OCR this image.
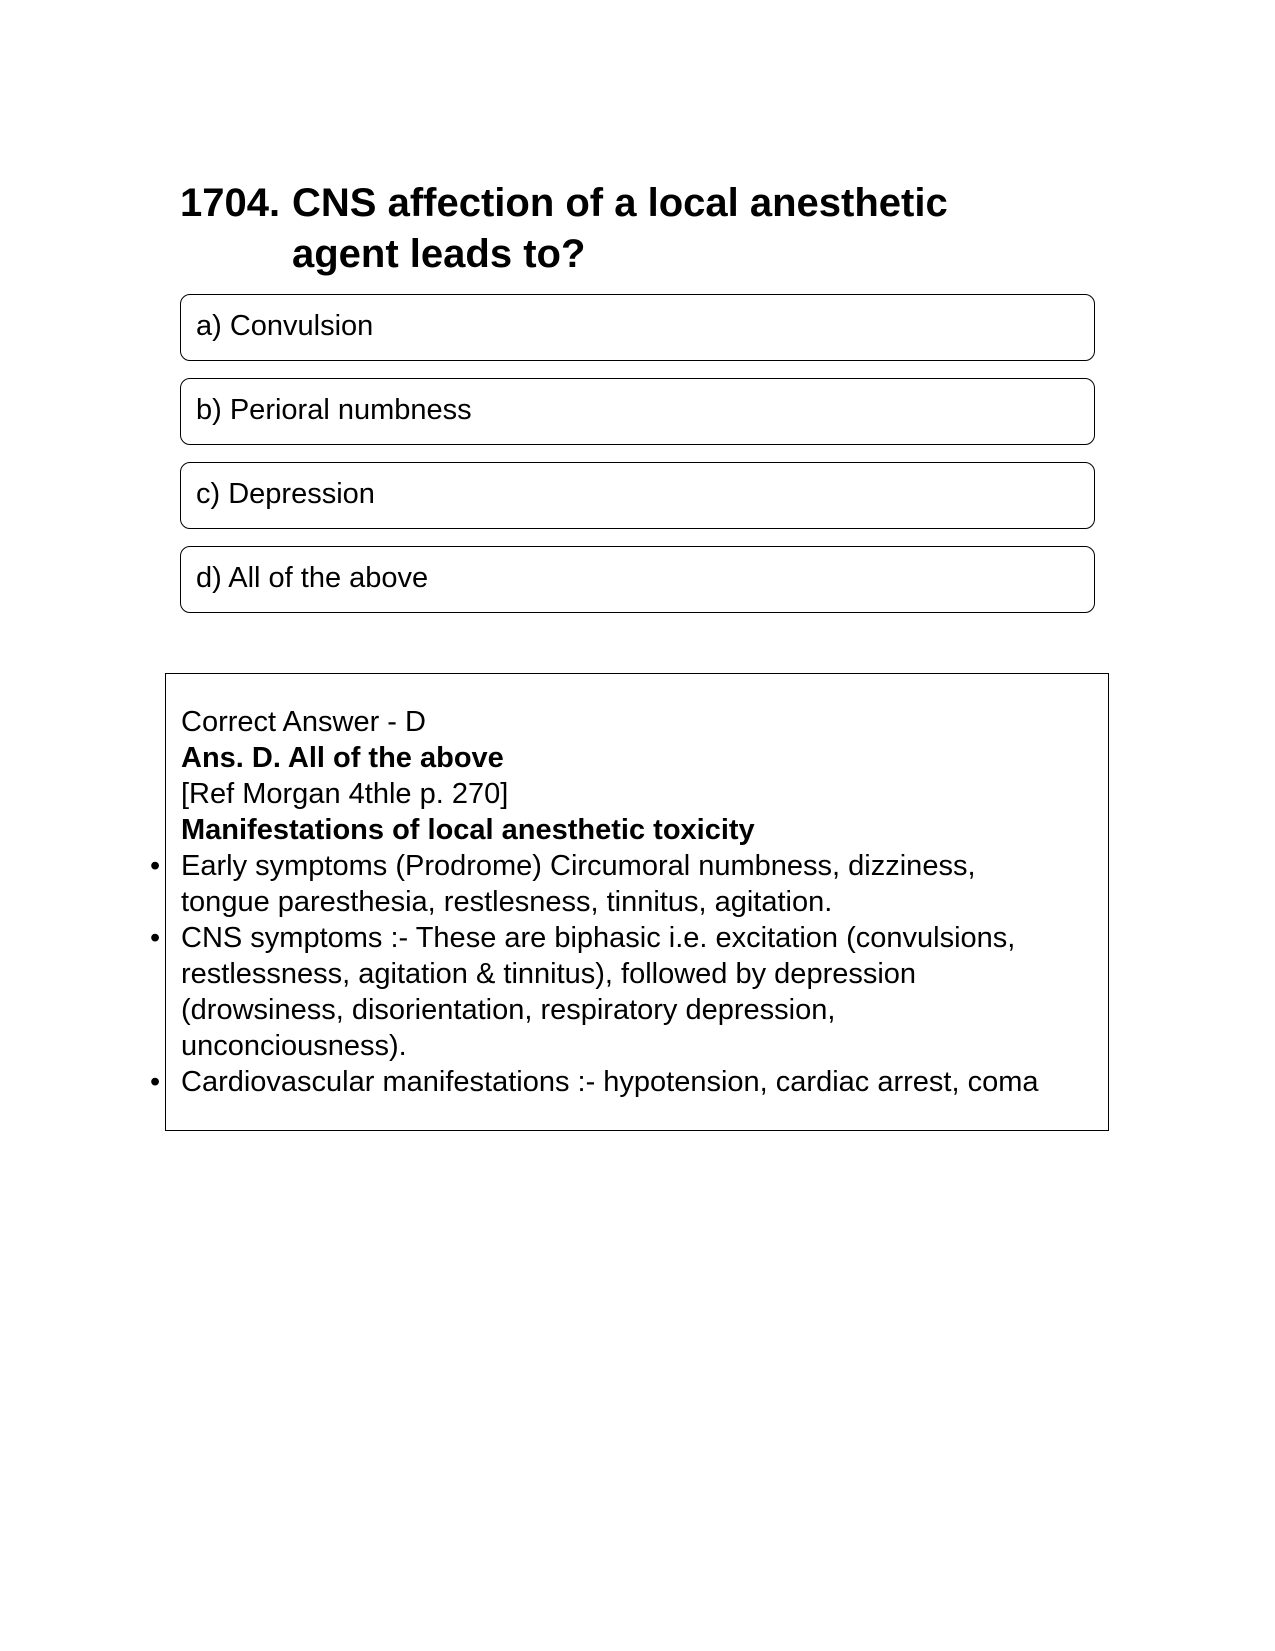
1704. CNS affection of a local anesthetic agent leads to?
a) Convulsion
b) Perioral numbness
c) Depression
d) All of the above
Correct Answer - D
Ans. D. All of the above
[Ref Morgan 4thle p. 270]
Manifestations of local anesthetic toxicity
• Early symptoms (Prodrome) Circumoral numbness, dizziness,
tongue paresthesia, restlesness, tinnitus, agitation.
• CNS symptoms :- These are biphasic i.e. excitation (convulsions,
restlessness, agitation & tinnitus), followed by depression
(drowsiness, disorientation, respiratory depression,
unconciousness).
• Cardiovascular manifestations :- hypotension, cardiac arrest, coma
